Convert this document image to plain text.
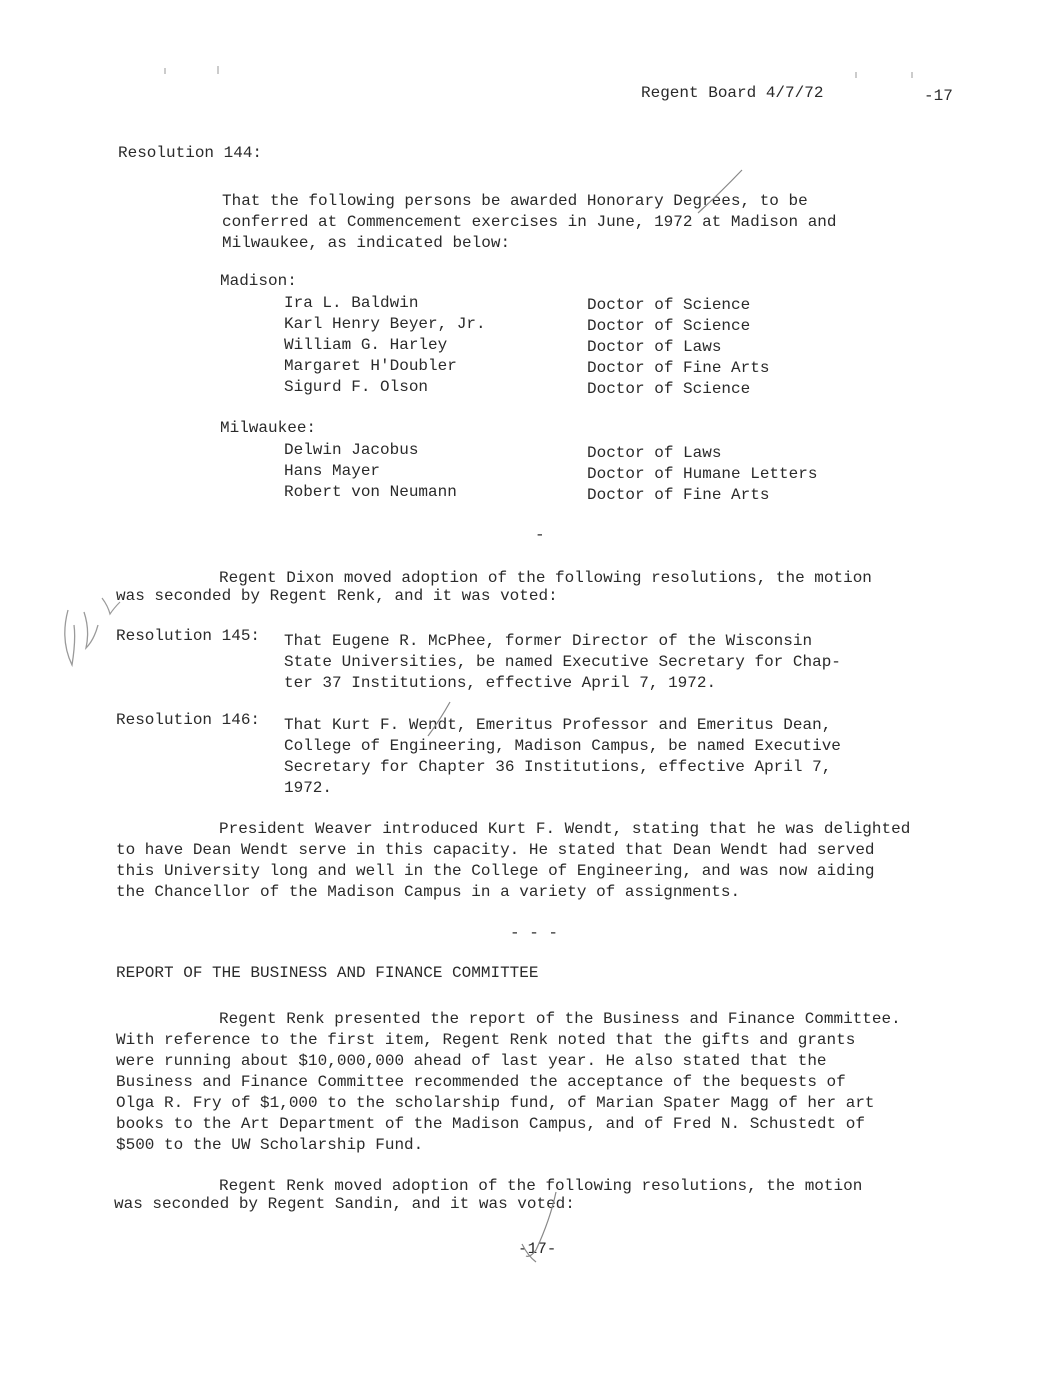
Regent Board 4/7/72	-17
Resolution 144:
That the following persons be awarded Honorary Degrees, to be
conferred at Commencement exercises in June, 1972 at Madison and
Milwaukee, as indicated below:
Madison:
Ira L. Baldwin
Karl Henry Beyer, Jr.
William G. Harley
Margaret H'Doubler
Sigurd F. Olson
Doctor of Science
Doctor of Science
Doctor of Laws
Doctor of Fine Arts
Doctor of Science
Milwaukee:
Delwin Jacobus
Hans Mayer
Robert von Neumann
Doctor of Laws
Doctor of Humane Letters
Doctor of Fine Arts
-
Regent Dixon moved adoption of the following resolutions, the motion
was seconded by Regent Renk, and it was voted:
Resolution 145: That Eugene R. McPhee, former Director of the Wisconsin
State Universities, be named Executive Secretary for Chap-
ter 37 Institutions, effective April 7, 1972.
Resolution 146: That Kurt F. Wendt, Emeritus Professor and Emeritus Dean,
College of Engineering, Madison Campus, be named Executive
Secretary for Chapter 36 Institutions, effective April 7,
1972.
President Weaver introduced Kurt F. Wendt, stating that he was delighted
to have Dean Wendt serve in this capacity. He stated that Dean Wendt had served
this University long and well in the College of Engineering, and was now aiding
the Chancellor of the Madison Campus in a variety of assignments.
- - -
REPORT OF THE BUSINESS AND FINANCE COMMITTEE
Regent Renk presented the report of the Business and Finance Committee.
With reference to the first item, Regent Renk noted that the gifts and grants
were running about $10,000,000 ahead of last year. He also stated that the
Business and Finance Committee recommended the acceptance of the bequests of
Olga R. Fry of $1,000 to the scholarship fund, of Marian Spater Magg of her art
books to the Art Department of the Madison Campus, and of Fred N. Schustedt of
$500 to the UW Scholarship Fund.
Regent Renk moved adoption of the following resolutions, the motion
was seconded by Regent Sandin, and it was voted:
-17-
